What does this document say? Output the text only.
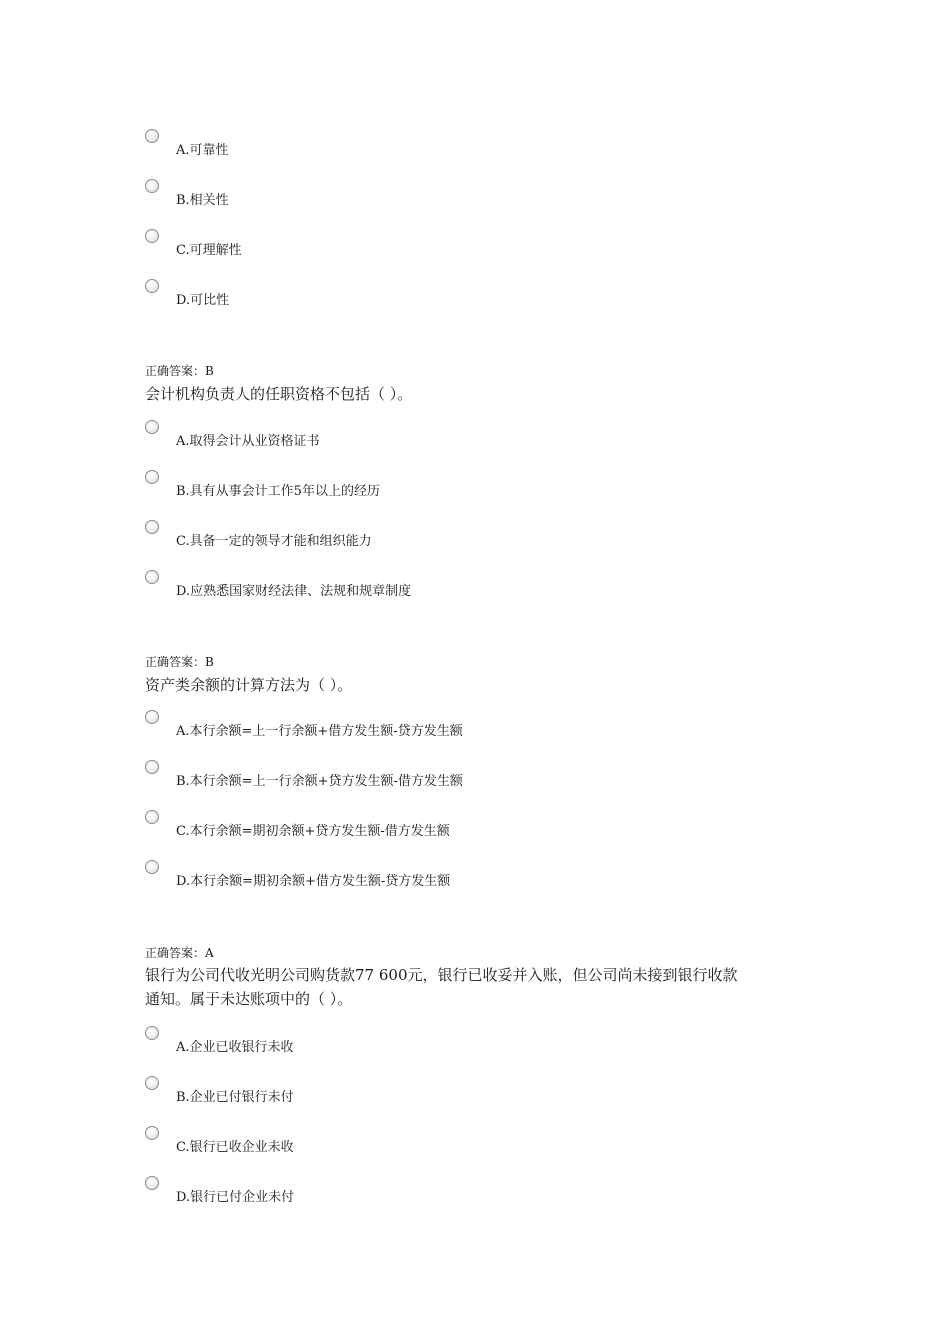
A.可靠性
B.相关性
C.可理解性
D.可比性
正确答案：B
会计机构负责人的任职资格不包括（ ）。
A.取得会计从业资格证书
B.具有从事会计工作5年以上的经历
C.具备一定的领导才能和组织能力
D.应熟悉国家财经法律、法规和规章制度
正确答案：B
资产类余额的计算方法为（ ）。
A.本行余额=上一行余额+借方发生额-贷方发生额
B.本行余额=上一行余额+贷方发生额-借方发生额
C.本行余额=期初余额+贷方发生额-借方发生额
D.本行余额=期初余额+借方发生额-贷方发生额
正确答案：A
银行为公司代收光明公司购货款77 600元，银行已收妥并入账，但公司尚未接到银行收款
通知。属于未达账项中的（ ）。
A.企业已收银行未收
B.企业已付银行未付
C.银行已收企业未收
D.银行已付企业未付
